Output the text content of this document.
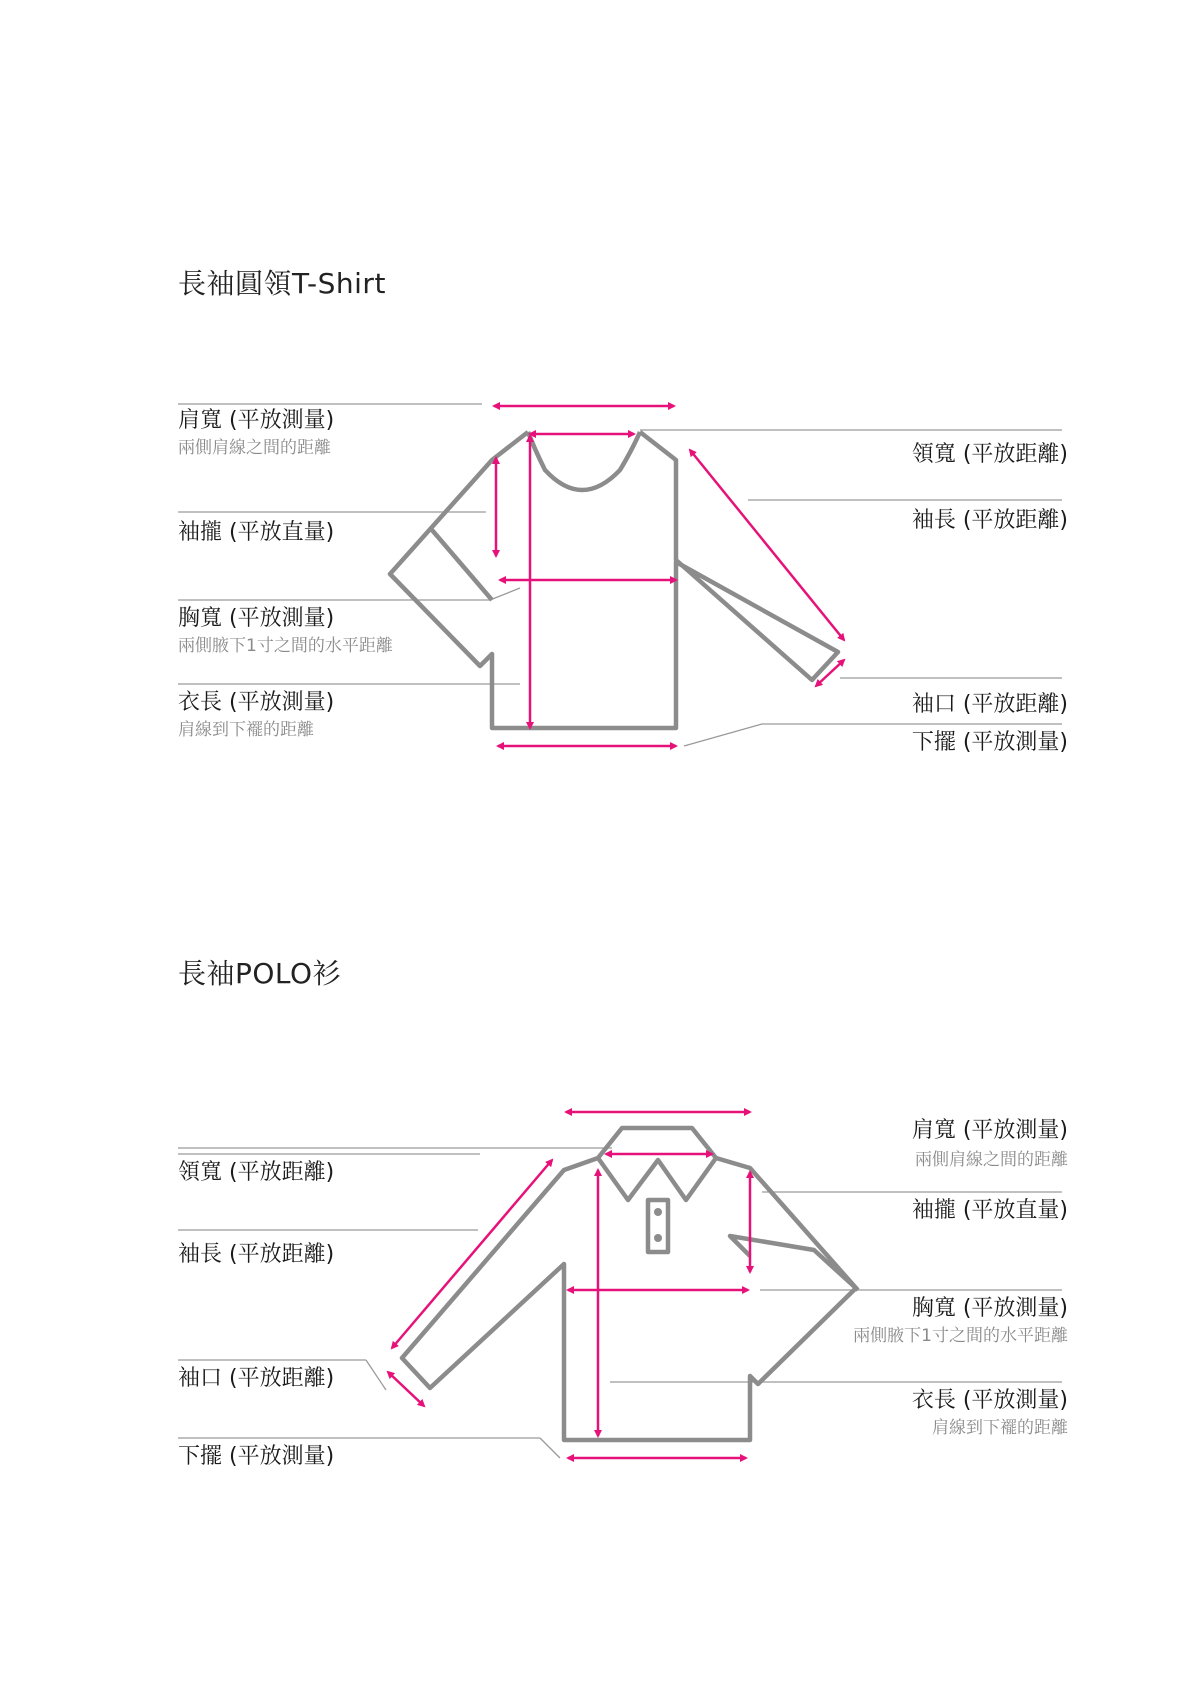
長袖圓領T-Shirt
肩寬 (平放測量)
兩側肩線之間的距離
袖攏 (平放直量)
胸寬 (平放測量)
兩側腋下1寸之間的水平距離
衣長 (平放測量)
肩線到下襬的距離
領寬 (平放距離)
袖長 (平放距離)
袖口 (平放距離)
下擺 (平放測量)
長袖POLO衫
領寬 (平放距離)
袖長 (平放距離)
袖口 (平放距離)
下擺 (平放測量)
肩寬 (平放測量)
兩側肩線之間的距離
袖攏 (平放直量)
胸寬 (平放測量)
兩側腋下1寸之間的水平距離
衣長 (平放測量)
肩線到下襬的距離
